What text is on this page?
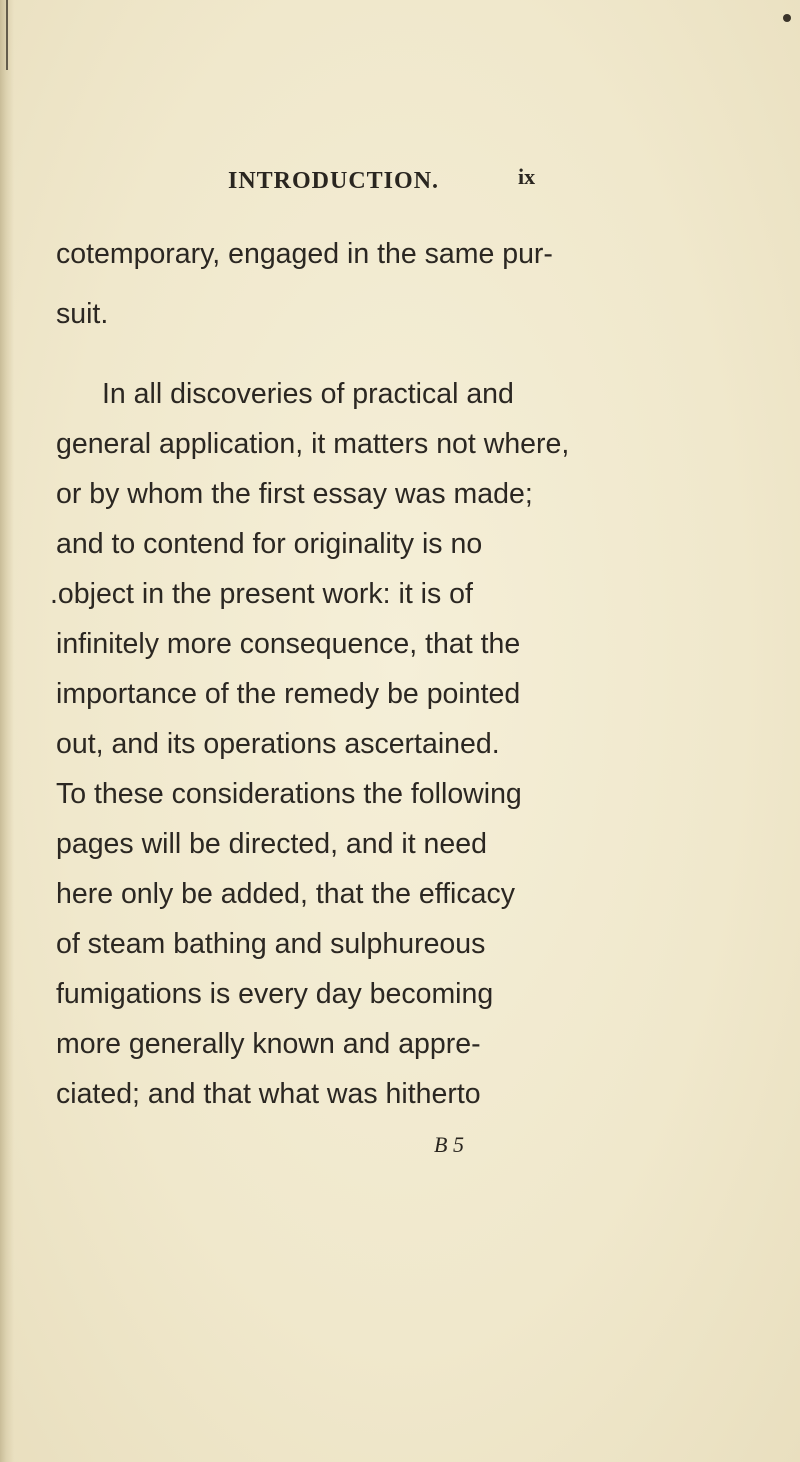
INTRODUCTION.	ix
cotemporary, engaged in the same pur-
suit.
In all discoveries of practical and
general application, it matters not where,
or by whom the first essay was made;
and to contend for originality is no
.object in the present work: it is of
infinitely more consequence, that the
importance of the remedy be pointed
out, and its operations ascertained.
To these considerations the following
pages will be directed, and it need
here only be added, that the efficacy
of steam bathing and sulphureous
fumigations is every day becoming
more generally known and appre-
ciated; and that what was hitherto
B 5
